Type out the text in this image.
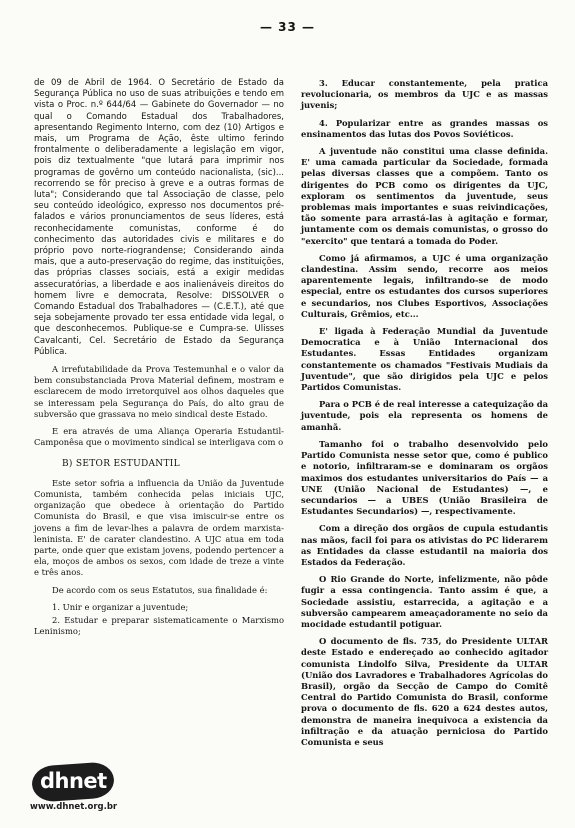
— 33 —

de 09 de Abril de 1964. O Secretário de Estado da Segurança Pública no uso de suas atribuições e tendo em vista o Proc. n.º 644/64 — Gabinete do Governador — no qual o Comando Estadual dos Trabalhadores, apresentando Regimento Interno, com dez (10) Artigos e mais, um Programa de Ação, êste ultimo ferindo frontalmente o deliberadamente a legislação em vigor, pois diz textualmente "que lutará para imprimir nos programas de govêrno um conteúdo nacionalista, (sic)... recorrendo se fôr preciso à greve e a outras formas de luta"; Considerando que tal Associação de classe, pelo seu conteúdo ideológico, expresso nos documentos pré-falados e vários pronunciamentos de seus líderes, está reconhecidamente comunistas, conforme é do conhecimento das autoridades civis e militares e do próprio povo norte-riograndense; Considerando ainda mais, que a auto-preservação do regime, das instituições, das próprias classes sociais, está a exigir medidas assecuratórias, a liberdade e aos inalienáveis direitos do homem livre e democrata, Resolve: DISSOLVER o Comando Estadual dos Trabalhadores — (C.E.T.), até que seja sobejamente provado ter essa entidade vida legal, o que desconhecemos. Publique-se e Cumpra-se. Ulisses Cavalcanti, Cel. Secretário de Estado da Segurança Pública.

A irrefutabilidade da Prova Testemunhal e o valor da bem consubstanciada Prova Material definem, mostram e esclarecem de modo irretorquivel aos olhos daqueles que se interessam pela Segurança do País, do alto grau de subversão que grassava no meio sindical deste Estado.

E era através de uma Aliança Operaria Estudantil-Camponêsa que o movimento sindical se interligava com o

B) SETOR ESTUDANTIL

Este setor sofria a influencia da União da Juventude Comunista, também conhecida pelas iniciais UJC, organização que obedece à orientação do Partido Comunista do Brasil, e que visa imiscuir-se entre os jovens a fim de levar-lhes a palavra de ordem marxista-leninista. E' de carater clandestino. A UJC atua em toda parte, onde quer que existam jovens, podendo pertencer a ela, moços de ambos os sexos, com idade de treze a vinte e três anos.

De acordo com os seus Estatutos, sua finalidade é:

1. Unir e organizar a juventude;

2. Estudar e preparar sistematicamente o Marxismo Leninismo;

3. Educar constantemente, pela pratica revolucionaria, os membros da UJC e as massas juvenis;

4. Popularizar entre as grandes massas os ensinamentos das lutas dos Povos Soviéticos.

A juventude não constitui uma classe definida. E' uma camada particular da Sociedade, formada pelas diversas classes que a compõem. Tanto os dirigentes do PCB como os dirigentes da UJC, exploram os sentimentos da juventude, seus problemas mais importantes e suas reivindicações, tão somente para arrastá-las à agitação e formar, juntamente com os demais comunistas, o grosso do "exercito" que tentará a tomada do Poder.

Como já afirmamos, a UJC é uma organização clandestina. Assim sendo, recorre aos meios aparentemente legais, infiltrando-se de modo especial, entre os estudantes dos cursos superiores e secundarios, nos Clubes Esportivos, Associações Culturais, Grêmios, etc...

E' ligada à Federação Mundial da Juventude Democratica e à União Internacional dos Estudantes. Essas Entidades organizam constantemente os chamados "Festivais Mudiais da Juventude", que são dirigidos pela UJC e pelos Partidos Comunistas.

Para o PCB é de real interesse a catequização da juventude, pois ela representa os homens de amanhã.

Tamanho foi o trabalho desenvolvido pelo Partido Comunista nesse setor que, como é publico e notorio, infiltraram-se e dominaram os orgãos maximos dos estudantes universitarios do País — a UNE (União Nacional de Estudantes) —, e secundarios — a UBES (União Brasileira de Estudantes Secundarios) —, respectivamente.

Com a direção dos orgãos de cupula estudantis nas mãos, facil foi para os ativistas do PC liderarem as Entidades da classe estudantil na maioria dos Estados da Federação.

O Rio Grande do Norte, infelizmente, não pôde fugir a essa contingencia. Tanto assim é que, a Sociedade assistiu, estarrecida, a agitação e a subversão campearem ameaçadoramente no seio da mocidade estudantil potiguar.

O documento de fls. 735, do Presidente ULTAR deste Estado e endereçado ao conhecido agitador comunista Lindolfo Silva, Presidente da ULTAR (União dos Lavradores e Trabalhadores Agrícolas do Brasil), orgão da Secção de Campo do Comitê Central do Partido Comunista do Brasil, conforme prova o documento de fls. 620 a 624 destes autos, demonstra de maneira inequivoca a existencia da infiltração e da atuação perniciosa do Partido Comunista e seus

dhnet
www.dhnet.org.br
